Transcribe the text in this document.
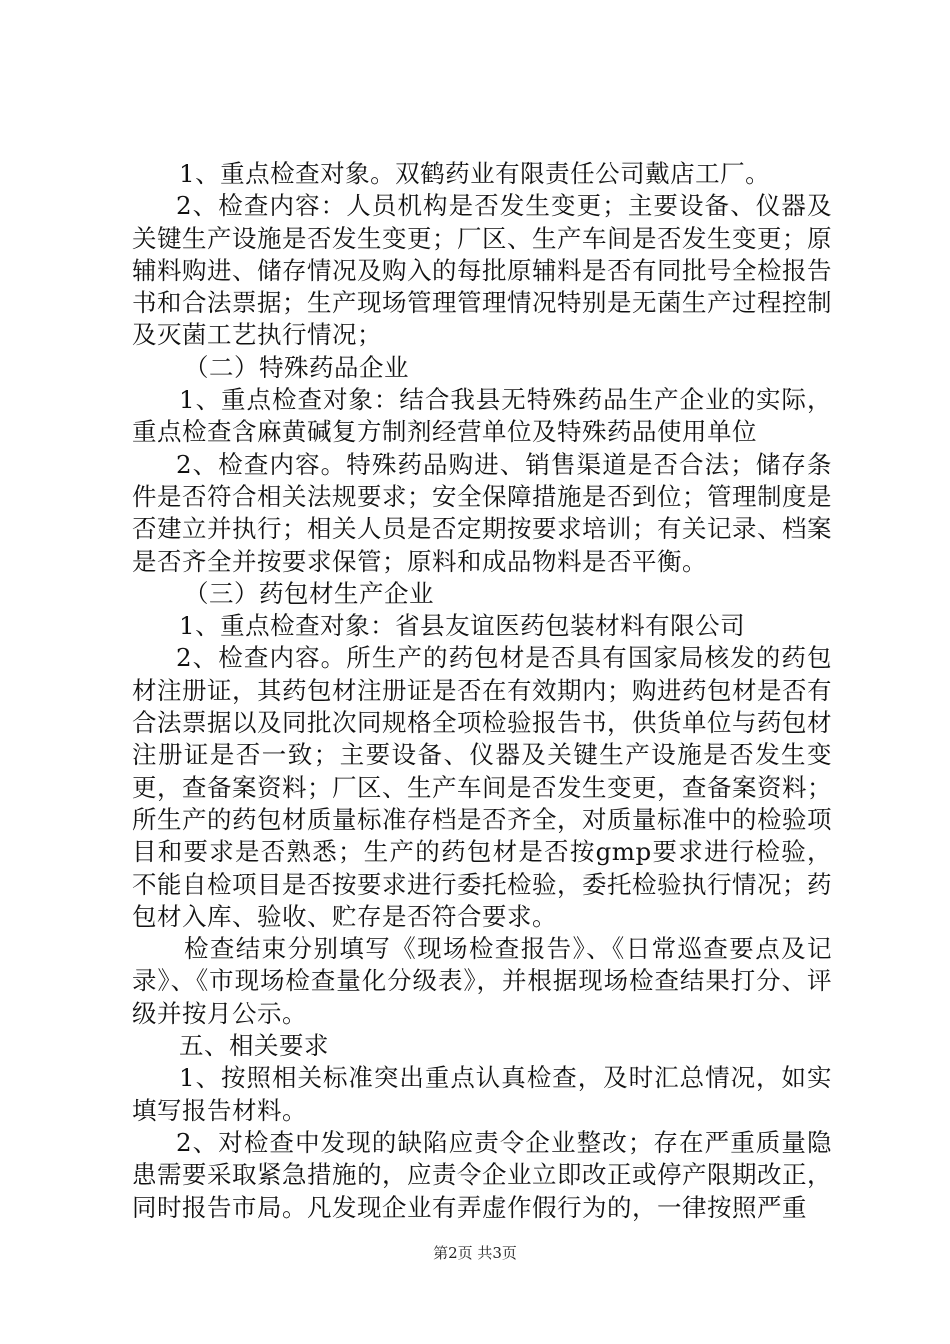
1、重点检查对象。双鹤药业有限责任公司戴店工厂。

2、检查内容：人员机构是否发生变更；主要设备、仪器及关键生产设施是否发生变更；厂区、生产车间是否发生变更；原辅料购进、储存情况及购入的每批原辅料是否有同批号全检报告书和合法票据；生产现场管理管理情况特别是无菌生产过程控制及灭菌工艺执行情况；

（二）特殊药品企业

1、重点检查对象：结合我县无特殊药品生产企业的实际，重点检查含麻黄碱复方制剂经营单位及特殊药品使用单位

2、检查内容。特殊药品购进、销售渠道是否合法；储存条件是否符合相关法规要求；安全保障措施是否到位；管理制度是否建立并执行；相关人员是否定期按要求培训；有关记录、档案是否齐全并按要求保管；原料和成品物料是否平衡。

（三）药包材生产企业

1、重点检查对象：省县友谊医药包装材料有限公司

2、检查内容。所生产的药包材是否具有国家局核发的药包材注册证，其药包材注册证是否在有效期内；购进药包材是否有合法票据以及同批次同规格全项检验报告书，供货单位与药包材注册证是否一致；主要设备、仪器及关键生产设施是否发生变更，查备案资料；厂区、生产车间是否发生变更，查备案资料；所生产的药包材质量标准存档是否齐全，对质量标准中的检验项目和要求是否熟悉；生产的药包材是否按gmp要求进行检验，不能自检项目是否按要求进行委托检验，委托检验执行情况；药包材入库、验收、贮存是否符合要求。

检查结束分别填写《现场检查报告》、《日常巡查要点及记录》、《市现场检查量化分级表》，并根据现场检查结果打分、评级并按月公示。

五、相关要求

1、按照相关标准突出重点认真检查，及时汇总情况，如实填写报告材料。

2、对检查中发现的缺陷应责令企业整改；存在严重质量隐患需要采取紧急措施的，应责令企业立即改正或停产限期改正，同时报告市局。凡发现企业有弄虚作假行为的，一律按照严重

第2页 共3页
